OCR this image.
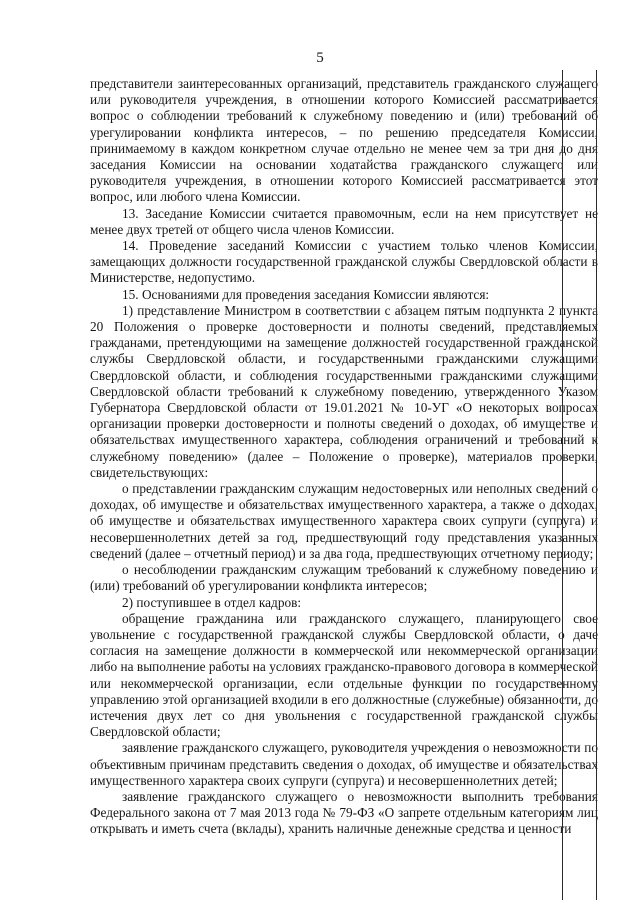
5

представители заинтересованных организаций, представитель гражданского служащего или руководителя учреждения, в отношении которого Комиссией рассматривается вопрос о соблюдении требований к служебному поведению и (или) требований об урегулировании конфликта интересов, – по решению председателя Комиссии, принимаемому в каждом конкретном случае отдельно не менее чем за три дня до дня заседания Комиссии на основании ходатайства гражданского служащего или руководителя учреждения, в отношении которого Комиссией рассматривается этот вопрос, или любого члена Комиссии.

13. Заседание Комиссии считается правомочным, если на нем присутствует не менее двух третей от общего числа членов Комиссии.

14. Проведение заседаний Комиссии с участием только членов Комиссии, замещающих должности государственной гражданской службы Свердловской области в Министерстве, недопустимо.

15. Основаниями для проведения заседания Комиссии являются:

1) представление Министром в соответствии с абзацем пятым подпункта 2 пункта 20 Положения о проверке достоверности и полноты сведений, представляемых гражданами, претендующими на замещение должностей государственной гражданской службы Свердловской области, и государственными гражданскими служащими Свердловской области, и соблюдения государственными гражданскими служащими Свердловской области требований к служебному поведению, утвержденного Указом Губернатора Свердловской области от 19.01.2021 № 10-УГ «О некоторых вопросах организации проверки достоверности и полноты сведений о доходах, об имуществе и обязательствах имущественного характера, соблюдения ограничений и требований к служебному поведению» (далее – Положение о проверке), материалов проверки, свидетельствующих:

о представлении гражданским служащим недостоверных или неполных сведений о доходах, об имуществе и обязательствах имущественного характера, а также о доходах, об имуществе и обязательствах имущественного характера своих супруги (супруга) и несовершеннолетних детей за год, предшествующий году представления указанных сведений (далее – отчетный период) и за два года, предшествующих отчетному периоду;

о несоблюдении гражданским служащим требований к служебному поведению и (или) требований об урегулировании конфликта интересов;

2) поступившее в отдел кадров:

обращение гражданина или гражданского служащего, планирующего свое увольнение с государственной гражданской службы Свердловской области, о даче согласия на замещение должности в коммерческой или некоммерческой организации либо на выполнение работы на условиях гражданско-правового договора в коммерческой или некоммерческой организации, если отдельные функции по государственному управлению этой организацией входили в его должностные (служебные) обязанности, до истечения двух лет со дня увольнения с государственной гражданской службы Свердловской области;

заявление гражданского служащего, руководителя учреждения о невозможности по объективным причинам представить сведения о доходах, об имуществе и обязательствах имущественного характера своих супруги (супруга) и несовершеннолетних детей;

заявление гражданского служащего о невозможности выполнить требования Федерального закона от 7 мая 2013 года № 79-ФЗ «О запрете отдельным категориям лиц открывать и иметь счета (вклады), хранить наличные денежные средства и ценности
